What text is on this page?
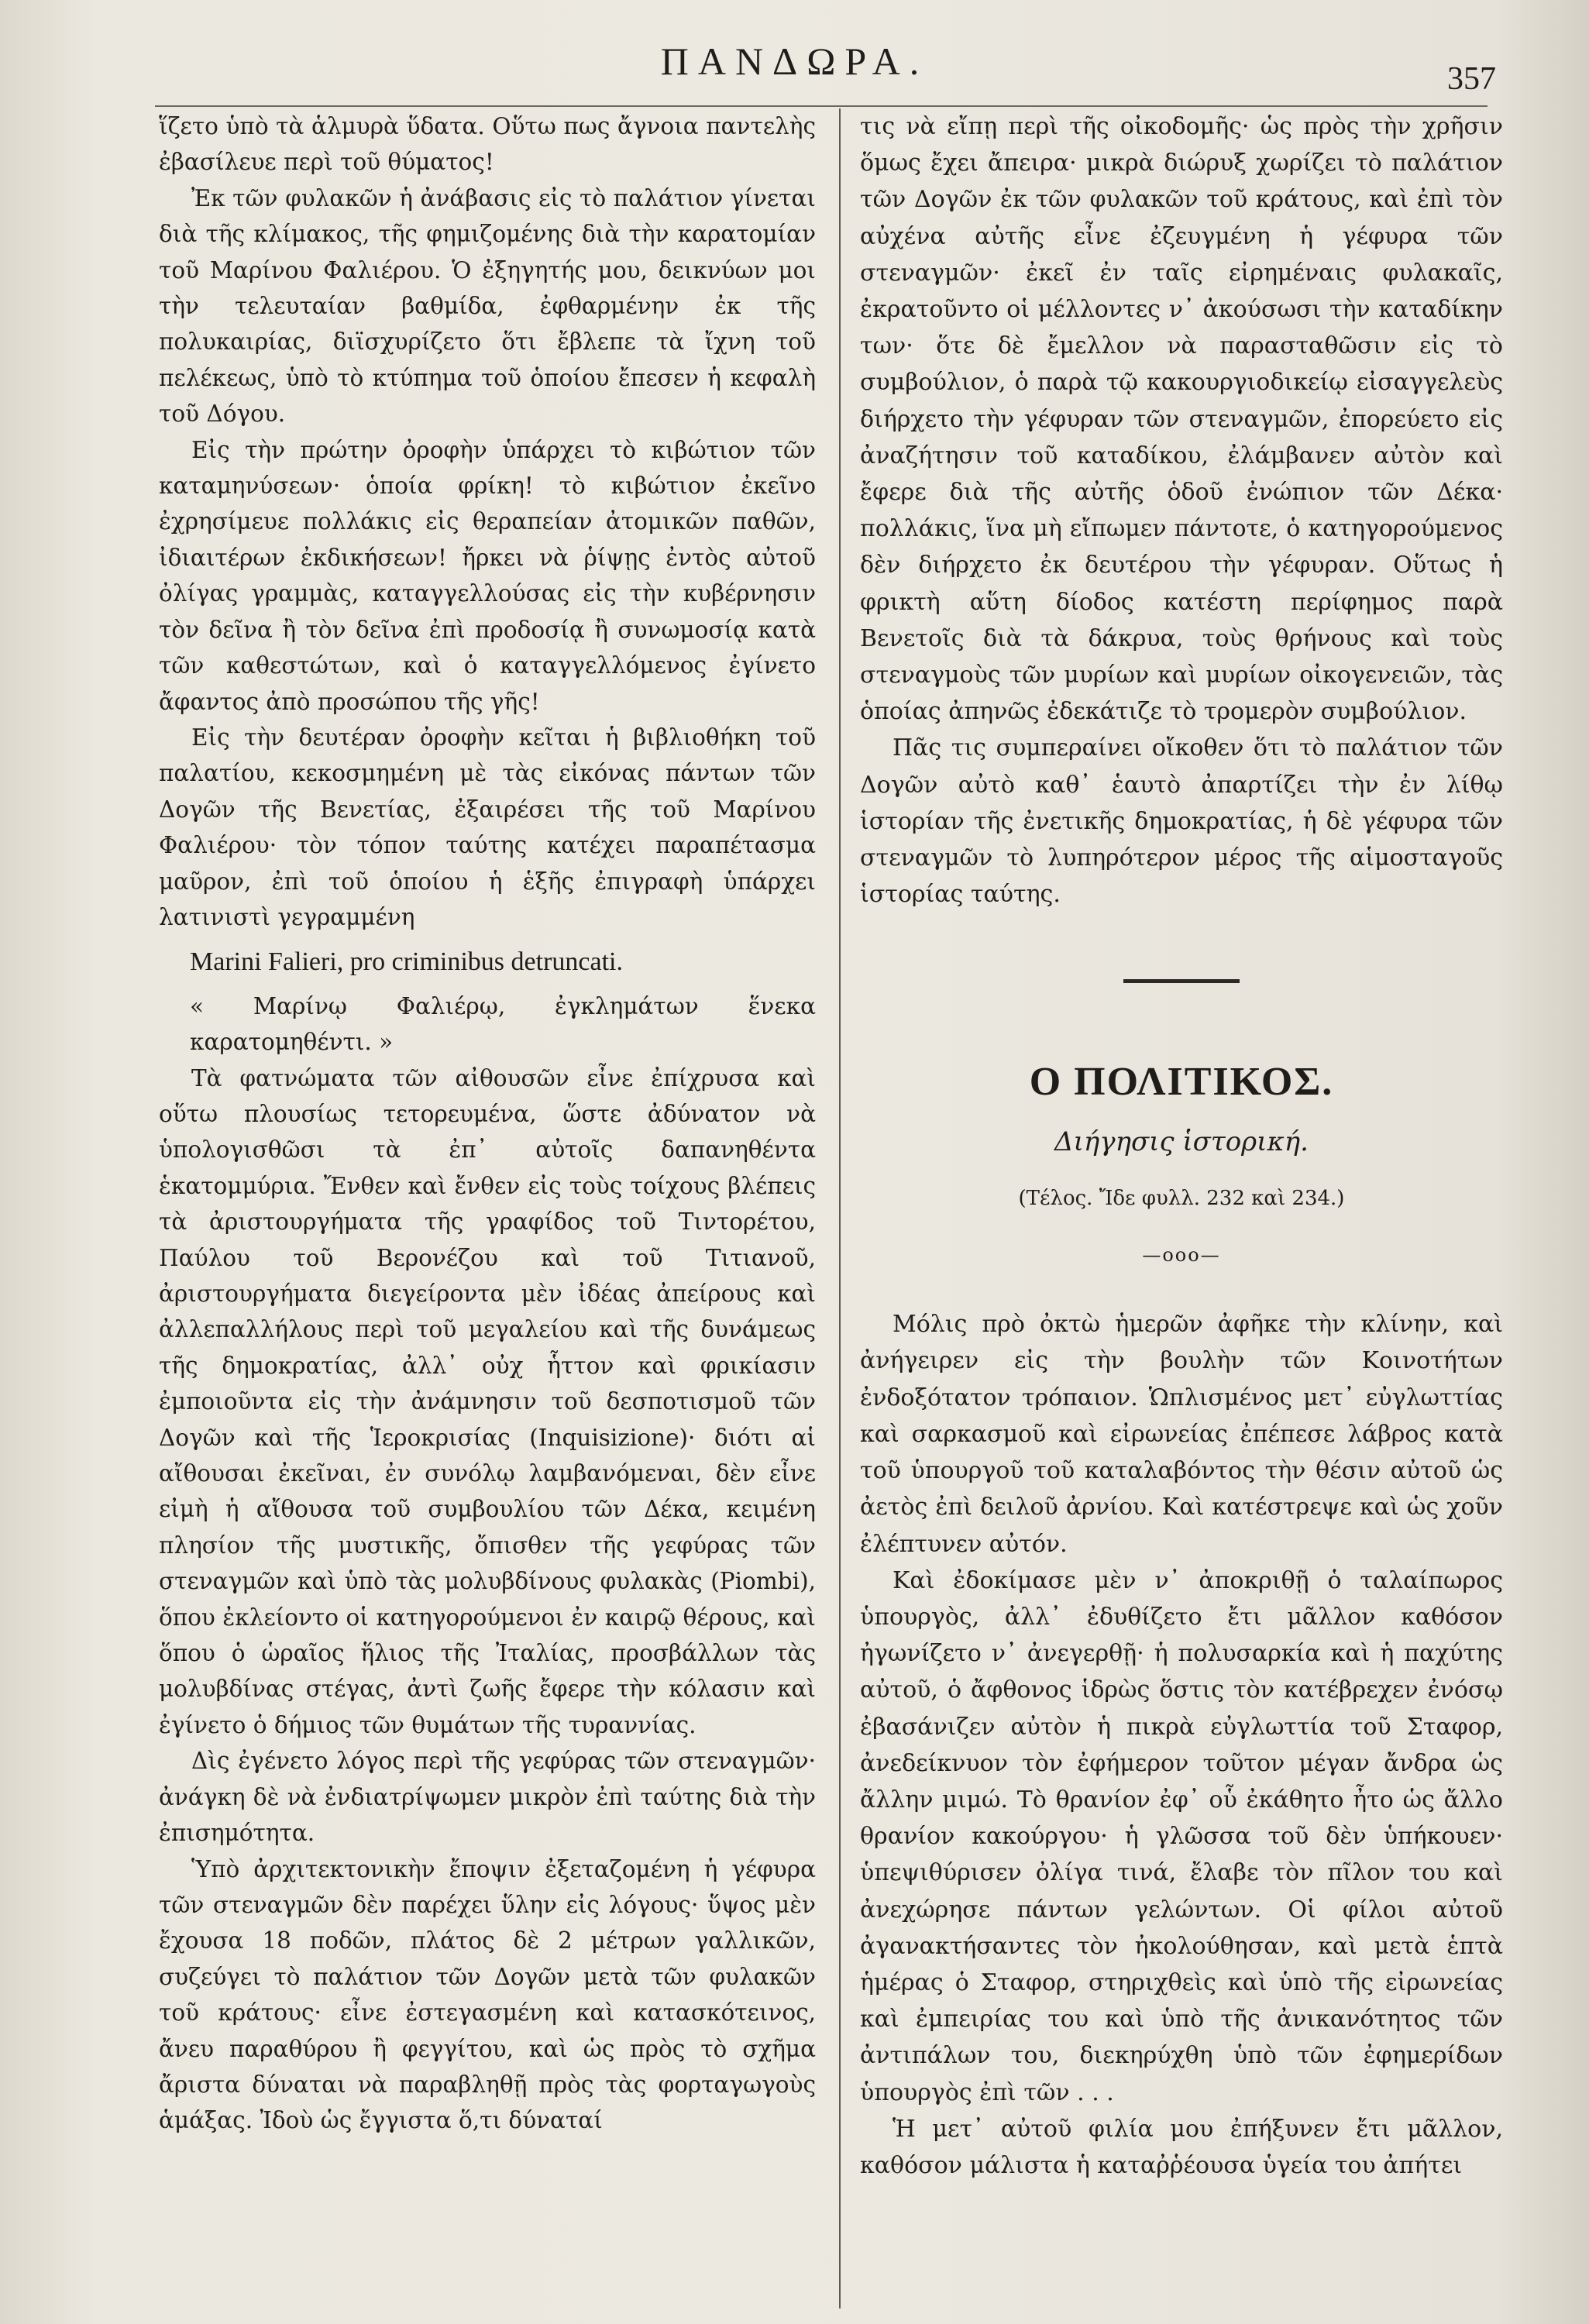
ΠΑΝΔΩΡΑ.	357

ἵζετο ὑπὸ τὰ ἁλμυρὰ ὕδατα. Οὕτω πως ἄγνοια παντελὴς ἐβασίλευε περὶ τοῦ θύματος!

Ἐκ τῶν φυλακῶν ἡ ἀνάβασις εἰς τὸ παλάτιον γίνεται διὰ τῆς κλίμακος, τῆς φημιζομένης διὰ τὴν καρατομίαν τοῦ Μαρίνου Φαλιέρου. Ὁ ἐξηγητής μου, δεικνύων μοι τὴν τελευταίαν βαθμίδα, ἐφθαρμένην ἐκ τῆς πολυκαιρίας, διϊσχυρίζετο ὅτι ἔβλεπε τὰ ἴχνη τοῦ πελέκεως, ὑπὸ τὸ κτύπημα τοῦ ὁποίου ἔπεσεν ἡ κεφαλὴ τοῦ Δόγου.

Εἰς τὴν πρώτην ὀροφὴν ὑπάρχει τὸ κιβώτιον τῶν καταμηνύσεων· ὁποία φρίκη! τὸ κιβώτιον ἐκεῖνο ἐχρησίμευε πολλάκις εἰς θεραπείαν ἀτομικῶν παθῶν, ἰδιαιτέρων ἐκδικήσεων! ἤρκει νὰ ῥίψῃς ἐντὸς αὐτοῦ ὀλίγας γραμμὰς, καταγγελλούσας εἰς τὴν κυβέρνησιν τὸν δεῖνα ἢ τὸν δεῖνα ἐπὶ προδοσίᾳ ἢ συνωμοσίᾳ κατὰ τῶν καθεστώτων, καὶ ὁ καταγγελλόμενος ἐγίνετο ἄφαντος ἀπὸ προσώπου τῆς γῆς!

Εἰς τὴν δευτέραν ὀροφὴν κεῖται ἡ βιβλιοθήκη τοῦ παλατίου, κεκοσμημένη μὲ τὰς εἰκόνας πάντων τῶν Δογῶν τῆς Βενετίας, ἐξαιρέσει τῆς τοῦ Μαρίνου Φαλιέρου· τὸν τόπον ταύτης κατέχει παραπέτασμα μαῦρον, ἐπὶ τοῦ ὁποίου ἡ ἑξῆς ἐπιγραφὴ ὑπάρχει λατινιστὶ γεγραμμένη

Marini Falieri, pro criminibus detruncati.

« Μαρίνῳ Φαλιέρῳ, ἐγκλημάτων ἕνεκα καρατομηθέντι. »

Τὰ φατνώματα τῶν αἰθουσῶν εἶνε ἐπίχρυσα καὶ οὕτω πλουσίως τετορευμένα, ὥστε ἀδύνατον νὰ ὑπολογισθῶσι τὰ ἐπ᾽ αὐτοῖς δαπανηθέντα ἑκατομμύρια. Ἔνθεν καὶ ἔνθεν εἰς τοὺς τοίχους βλέπεις τὰ ἀριστουργήματα τῆς γραφίδος τοῦ Τιντορέτου, Παύλου τοῦ Βερονέζου καὶ τοῦ Τιτιανοῦ, ἀριστουργήματα διεγείροντα μὲν ἰδέας ἀπείρους καὶ ἀλλεπαλλήλους περὶ τοῦ μεγαλείου καὶ τῆς δυνάμεως τῆς δημοκρατίας, ἀλλ᾽ οὐχ ἧττον καὶ φρικίασιν ἐμποιοῦντα εἰς τὴν ἀνάμνησιν τοῦ δεσποτισμοῦ τῶν Δογῶν καὶ τῆς Ἱεροκρισίας (Inquisizione)· διότι αἱ αἴθουσαι ἐκεῖναι, ἐν συνόλῳ λαμβανόμεναι, δὲν εἶνε εἰμὴ ἡ αἴθουσα τοῦ συμβουλίου τῶν Δέκα, κειμένη πλησίον τῆς μυστικῆς, ὄπισθεν τῆς γεφύρας τῶν στεναγμῶν καὶ ὑπὸ τὰς μολυβδίνους φυλακὰς (Piombi), ὅπου ἐκλείοντο οἱ κατηγορούμενοι ἐν καιρῷ θέρους, καὶ ὅπου ὁ ὡραῖος ἥλιος τῆς Ἰταλίας, προσβάλλων τὰς μολυβδίνας στέγας, ἀντὶ ζωῆς ἔφερε τὴν κόλασιν καὶ ἐγίνετο ὁ δήμιος τῶν θυμάτων τῆς τυραννίας.

Δὶς ἐγένετο λόγος περὶ τῆς γεφύρας τῶν στεναγμῶν· ἀνάγκη δὲ νὰ ἐνδιατρίψωμεν μικρὸν ἐπὶ ταύτης διὰ τὴν ἐπισημότητα.

Ὑπὸ ἀρχιτεκτονικὴν ἔποψιν ἐξεταζομένη ἡ γέφυρα τῶν στεναγμῶν δὲν παρέχει ὕλην εἰς λόγους· ὕψος μὲν ἔχουσα 18 ποδῶν, πλάτος δὲ 2 μέτρων γαλλικῶν, συζεύγει τὸ παλάτιον τῶν Δογῶν μετὰ τῶν φυλακῶν τοῦ κράτους· εἶνε ἐστεγασμένη καὶ κατασκότεινος, ἄνευ παραθύρου ἢ φεγγίτου, καὶ ὡς πρὸς τὸ σχῆμα ἄριστα δύναται νὰ παραβληθῇ πρὸς τὰς φορταγωγοὺς ἁμάξας. Ἰδοὺ ὡς ἔγγιστα ὅ,τι δύναταί

τις νὰ εἴπῃ περὶ τῆς οἰκοδομῆς· ὡς πρὸς τὴν χρῆσιν ὅμως ἔχει ἄπειρα· μικρὰ διώρυξ χωρίζει τὸ παλάτιον τῶν Δογῶν ἐκ τῶν φυλακῶν τοῦ κράτους, καὶ ἐπὶ τὸν αὐχένα αὐτῆς εἶνε ἐζευγμένη ἡ γέφυρα τῶν στεναγμῶν· ἐκεῖ ἐν ταῖς εἰρημέναις φυλακαῖς, ἐκρατοῦντο οἱ μέλλοντες ν᾽ ἀκούσωσι τὴν καταδίκην των· ὅτε δὲ ἔμελλον νὰ παρασταθῶσιν εἰς τὸ συμβούλιον, ὁ παρὰ τῷ κακουργιοδικείῳ εἰσαγγελεὺς διήρχετο τὴν γέφυραν τῶν στεναγμῶν, ἐπορεύετο εἰς ἀναζήτησιν τοῦ καταδίκου, ἐλάμβανεν αὐτὸν καὶ ἔφερε διὰ τῆς αὐτῆς ὁδοῦ ἐνώπιον τῶν Δέκα· πολλάκις, ἵνα μὴ εἴπωμεν πάντοτε, ὁ κατηγορούμενος δὲν διήρχετο ἐκ δευτέρου τὴν γέφυραν. Οὕτως ἡ φρικτὴ αὕτη δίοδος κατέστη περίφημος παρὰ Βενετοῖς διὰ τὰ δάκρυα, τοὺς θρήνους καὶ τοὺς στεναγμοὺς τῶν μυρίων καὶ μυρίων οἰκογενειῶν, τὰς ὁποίας ἀπηνῶς ἐδεκάτιζε τὸ τρομερὸν συμβούλιον.

Πᾶς τις συμπεραίνει οἴκοθεν ὅτι τὸ παλάτιον τῶν Δογῶν αὐτὸ καθ᾽ ἑαυτὸ ἀπαρτίζει τὴν ἐν λίθῳ ἱστορίαν τῆς ἐνετικῆς δημοκρατίας, ἡ δὲ γέφυρα τῶν στεναγμῶν τὸ λυπηρότερον μέρος τῆς αἱμοσταγοῦς ἱστορίας ταύτης.

Ο ΠΟΛΙΤΙΚΟΣ.
Διήγησις ἱστορική.
(Τέλος. Ἴδε φυλλ. 232 καὶ 234.)
—ooo—

Μόλις πρὸ ὀκτὼ ἡμερῶν ἀφῆκε τὴν κλίνην, καὶ ἀνήγειρεν εἰς τὴν βουλὴν τῶν Κοινοτήτων ἐνδοξότατον τρόπαιον. Ὡπλισμένος μετ᾽ εὐγλωττίας καὶ σαρκασμοῦ καὶ εἰρωνείας ἐπέπεσε λάβρος κατὰ τοῦ ὑπουργοῦ τοῦ καταλαβόντος τὴν θέσιν αὐτοῦ ὡς ἀετὸς ἐπὶ δειλοῦ ἀρνίου. Καὶ κατέστρεψε καὶ ὡς χοῦν ἐλέπτυνεν αὐτόν.

Καὶ ἐδοκίμασε μὲν ν᾽ ἀποκριθῇ ὁ ταλαίπωρος ὑπουργὸς, ἀλλ᾽ ἐδυθίζετο ἔτι μᾶλλον καθόσον ἠγωνίζετο ν᾽ ἀνεγερθῇ· ἡ πολυσαρκία καὶ ἡ παχύτης αὐτοῦ, ὁ ἄφθονος ἱδρὼς ὅστις τὸν κατέβρεχεν ἐνόσῳ ἐβασάνιζεν αὐτὸν ἡ πικρὰ εὐγλωττία τοῦ Σταφορ, ἀνεδείκνυον τὸν ἐφήμερον τοῦτον μέγαν ἄνδρα ὡς ἄλλην μιμώ. Τὸ θρανίον ἐφ᾽ οὗ ἐκάθητο ἦτο ὡς ἄλλο θρανίον κακούργου· ἡ γλῶσσα τοῦ δὲν ὑπήκουεν· ὑπεψιθύρισεν ὀλίγα τινά, ἔλαβε τὸν πῖλον του καὶ ἀνεχώρησε πάντων γελώντων. Οἱ φίλοι αὐτοῦ ἀγανακτήσαντες τὸν ἠκολούθησαν, καὶ μετὰ ἑπτὰ ἡμέρας ὁ Σταφορ, στηριχθεὶς καὶ ὑπὸ τῆς εἰρωνείας καὶ ἐμπειρίας του καὶ ὑπὸ τῆς ἀνικανότητος τῶν ἀντιπάλων του, διεκηρύχθη ὑπὸ τῶν ἐφημερίδων ὑπουργὸς ἐπὶ τῶν . . .

Ἡ μετ᾽ αὐτοῦ φιλία μου ἐπήξυνεν ἔτι μᾶλλον, καθόσον μάλιστα ἡ καταῤῥέουσα ὑγεία του ἀπήτει
